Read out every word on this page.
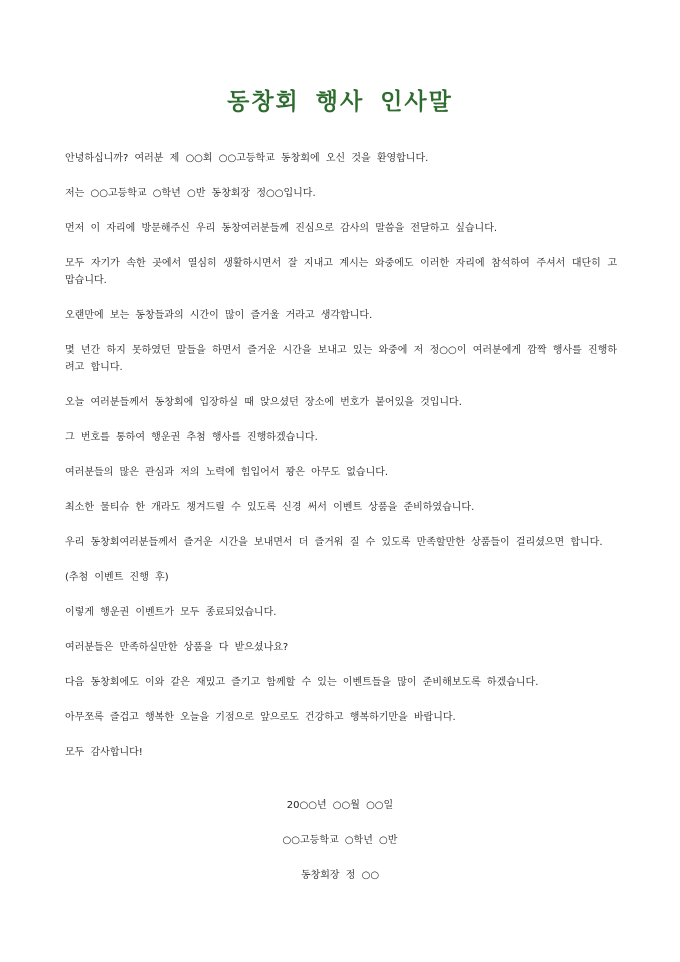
동창회 행사 인사말

안녕하십니까? 여러분 제 ○○회 ○○고등학교 동창회에 오신 것을 환영합니다.

저는 ○○고등학교 ○학년 ○반 동창회장 정○○입니다.

먼저 이 자리에 방문해주신 우리 동창여러분들께 진심으로 감사의 말씀을 전달하고 싶습니다.

모두 자기가 속한 곳에서 열심히 생활하시면서 잘 지내고 계시는 와중에도 이러한 자리에 참석하여 주셔서 대단히 고맙습니다.

오랜만에 보는 동창들과의 시간이 많이 즐거울 거라고 생각합니다.

몇 년간 하지 못하였던 말들을 하면서 즐거운 시간을 보내고 있는 와중에 저 정○○이 여러분에게 깜짝 행사를 진행하려고 합니다.

오늘 여러분들께서 동창회에 입장하실 때 앉으셨던 장소에 번호가 붙어있을 것입니다.

그 번호를 통하여 행운권 추첨 행사를 진행하겠습니다.

여러분들의 많은 관심과 저의 노력에 힘입어서 꽝은 아무도 없습니다.

최소한 물티슈 한 개라도 챙겨드릴 수 있도록 신경 써서 이벤트 상품을 준비하였습니다.

우리 동창회여러분들께서 즐거운 시간을 보내면서 더 즐거워 질 수 있도록 만족할만한 상품들이 걸리셨으면 합니다.

(추첨 이벤트 진행 후)

이렇게 행운권 이벤트가 모두 종료되었습니다.

여러분들은 만족하실만한 상품을 다 받으셨나요?

다음 동창회에도 이와 같은 재밌고 즐기고 함께할 수 있는 이벤트들을 많이 준비해보도록 하겠습니다.

아무쪼록 즐겁고 행복한 오늘을 기점으로 앞으로도 건강하고 행복하기만을 바랍니다.

모두 감사합니다!

20○○년 ○○월 ○○일
○○고등학교 ○학년 ○반
동창회장 정 ○○
